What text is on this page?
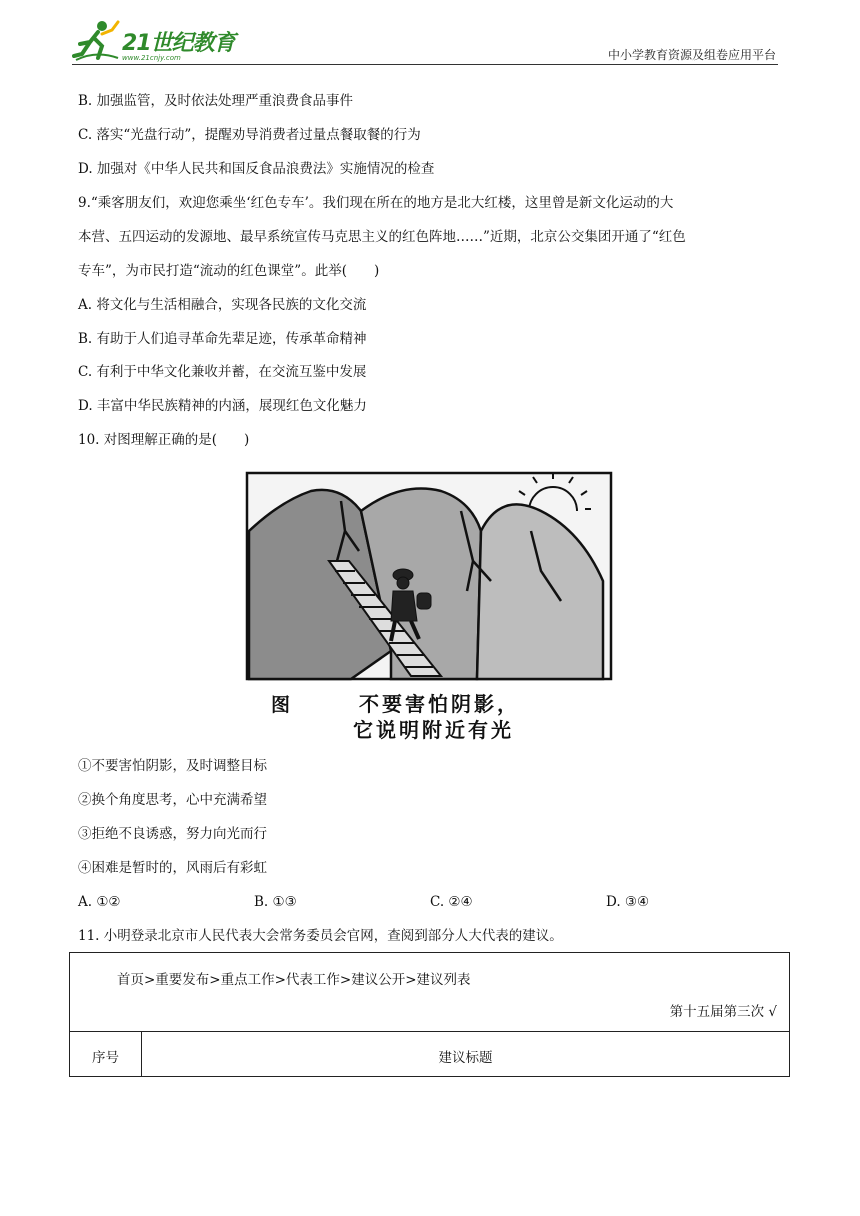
21世纪教育
www.21cnjy.com	中小学教育资源及组卷应用平台
B. 加强监管，及时依法处理严重浪费食品事件
C. 落实“光盘行动”，提醒劝导消费者过量点餐取餐的行为
D. 加强对《中华人民共和国反食品浪费法》实施情况的检查
9.“乘客朋友们，欢迎您乘坐‘红色专车’。我们现在所在的地方是北大红楼，这里曾是新文化运动的大
本营、五四运动的发源地、最早系统宣传马克思主义的红色阵地……”近期，北京公交集团开通了“红色
专车”，为市民打造“流动的红色课堂”。此举(　　)
A. 将文化与生活相融合，实现各民族的文化交流
B. 有助于人们追寻革命先辈足迹，传承革命精神
C. 有利于中华文化兼收并蓄，在交流互鉴中发展
D. 丰富中华民族精神的内涵，展现红色文化魅力
10. 对图理解正确的是(　　)
图	不要害怕阴影，
它说明附近有光
①不要害怕阴影，及时调整目标
②换个角度思考，心中充满希望
③拒绝不良诱惑，努力向光而行
④困难是暂时的，风雨后有彩虹
A. ①②	B. ①③	C. ②④	D. ③④
11. 小明登录北京市人民代表大会常务委员会官网，查阅到部分人大代表的建议。
首页>重要发布>重点工作>代表工作>建议公开>建议列表
第十五届第三次 √
序号	建议标题
